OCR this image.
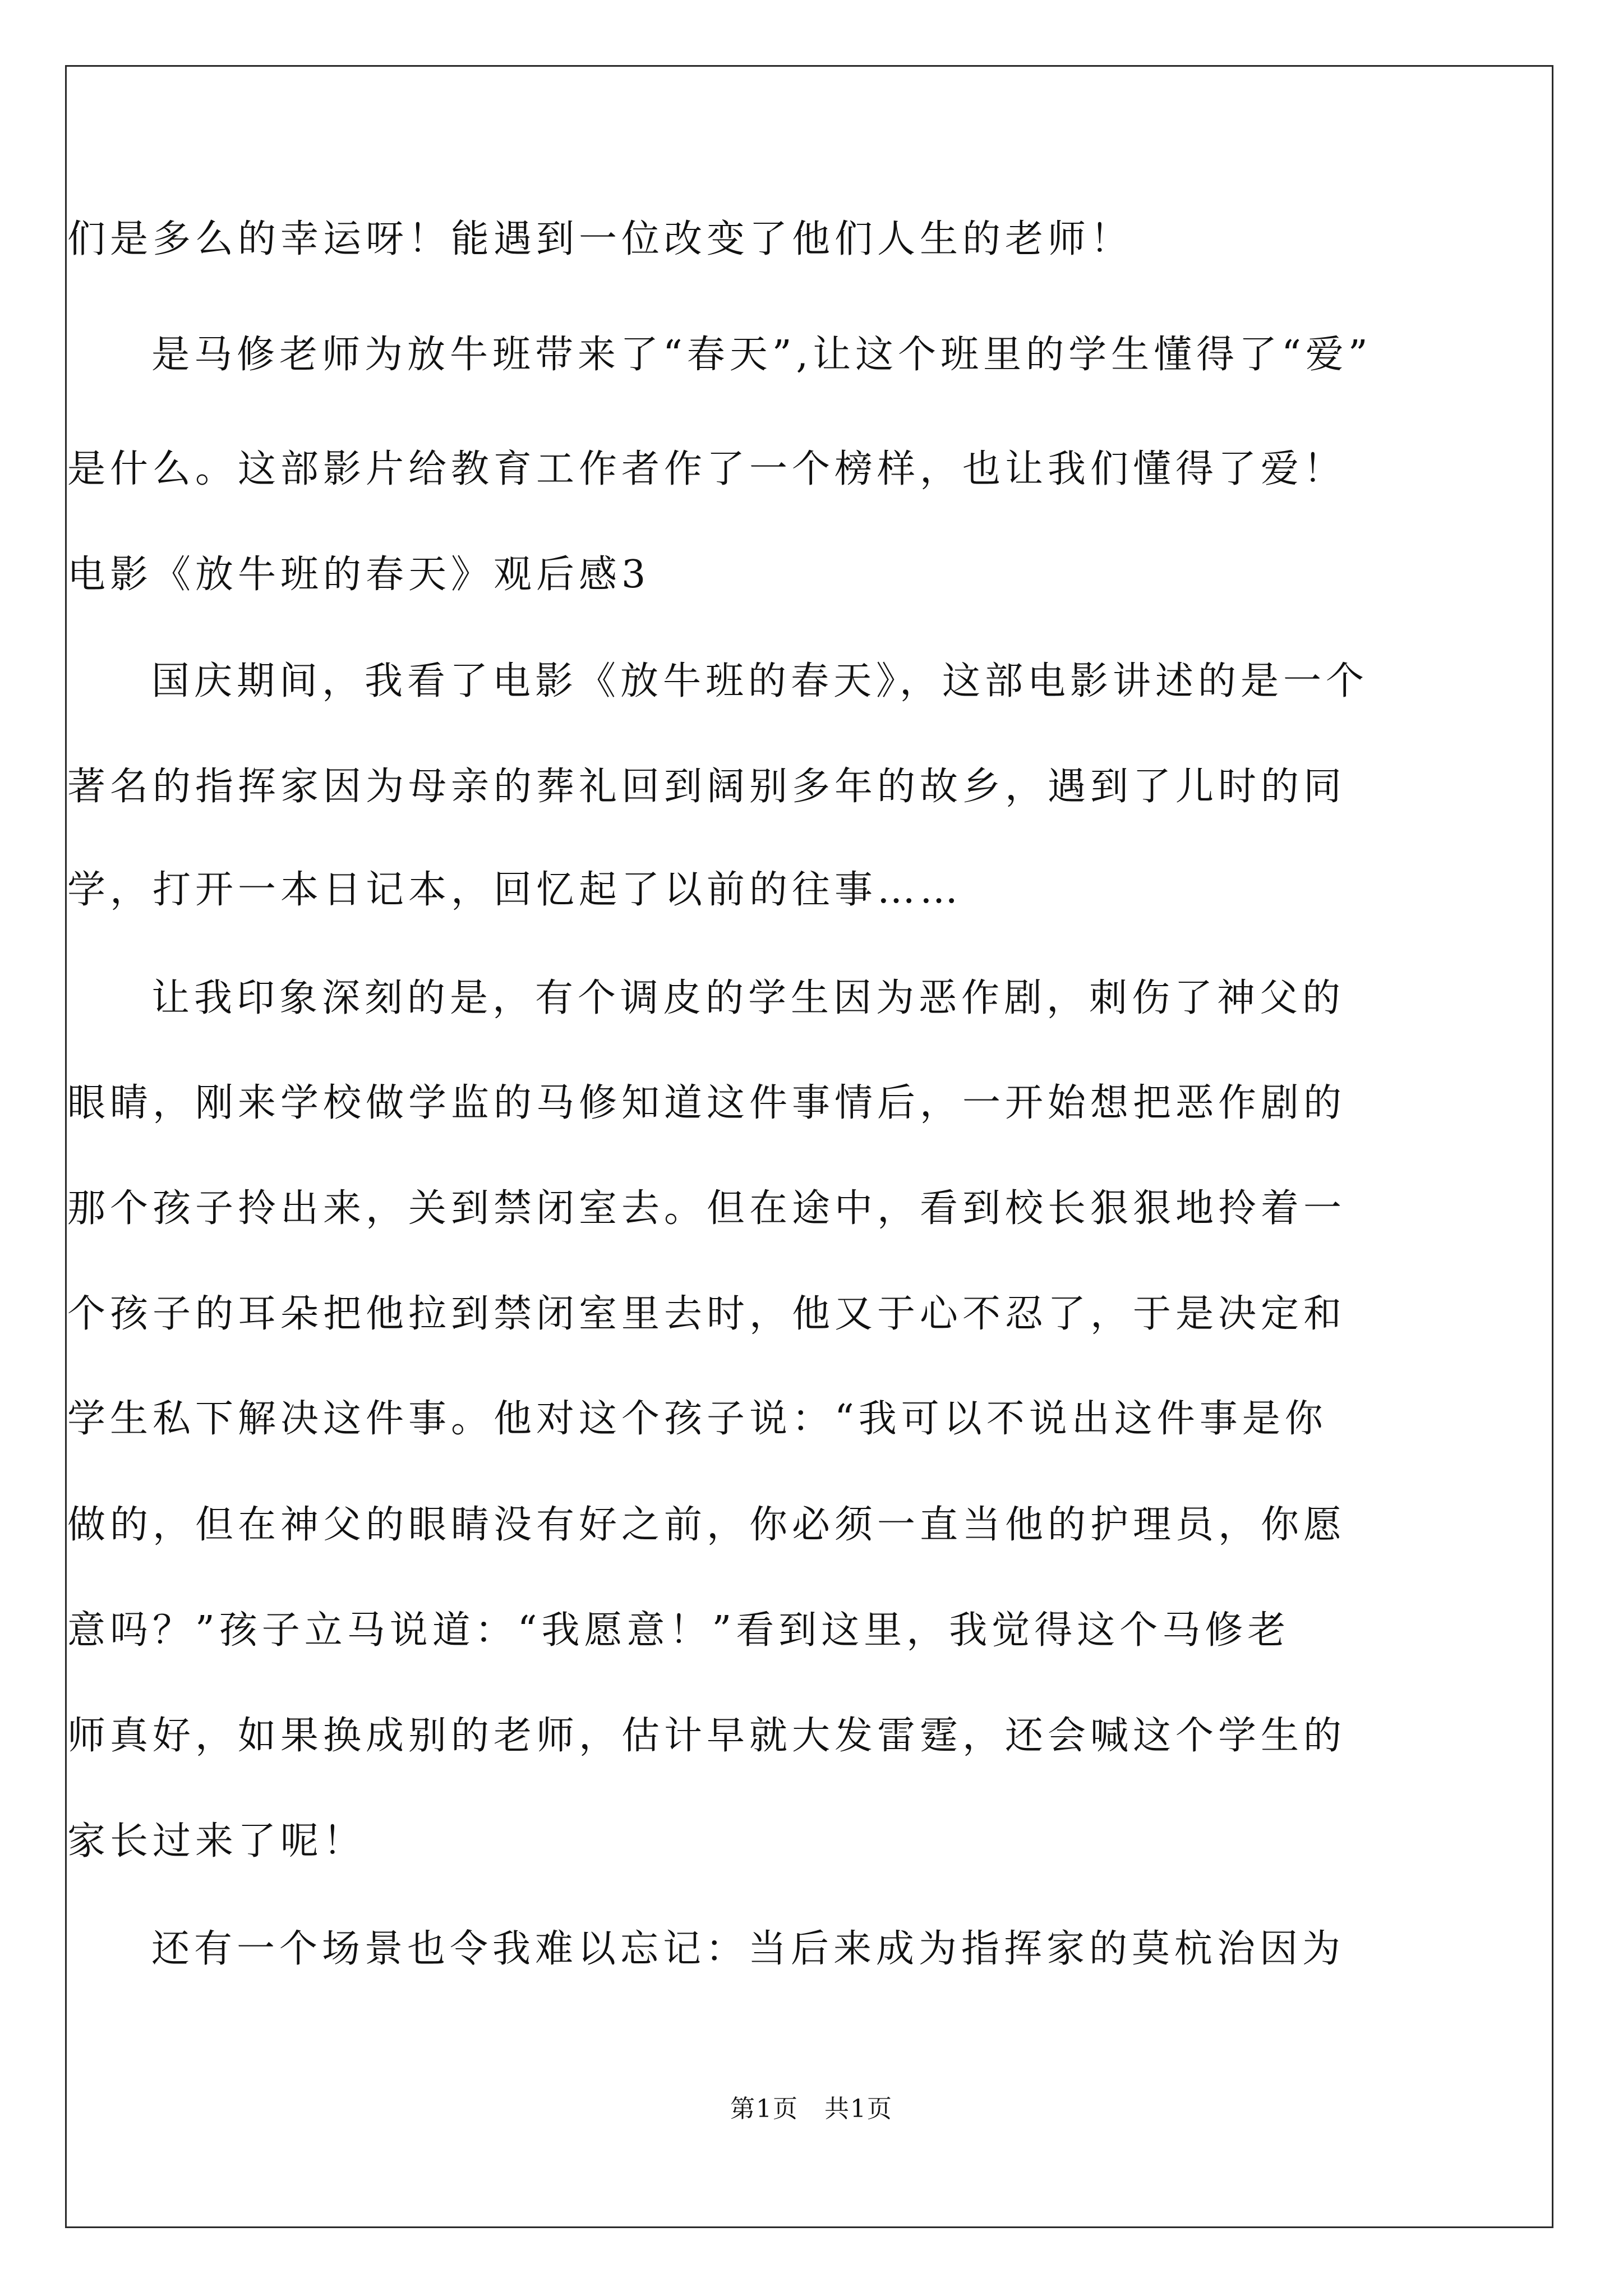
们是多么的幸运呀！能遇到一位改变了他们人生的老师！
是马修老师为放牛班带来了“春天”,让这个班里的学生懂得了“爱”
是什么。这部影片给教育工作者作了一个榜样，也让我们懂得了爱！
电影《放牛班的春天》观后感3
国庆期间，我看了电影《放牛班的春天》，这部电影讲述的是一个
著名的指挥家因为母亲的葬礼回到阔别多年的故乡，遇到了儿时的同
学，打开一本日记本，回忆起了以前的往事……
让我印象深刻的是，有个调皮的学生因为恶作剧，刺伤了神父的
眼睛，刚来学校做学监的马修知道这件事情后，一开始想把恶作剧的
那个孩子拎出来，关到禁闭室去。但在途中，看到校长狠狠地拎着一
个孩子的耳朵把他拉到禁闭室里去时，他又于心不忍了，于是决定和
学生私下解决这件事。他对这个孩子说：“我可以不说出这件事是你
做的，但在神父的眼睛没有好之前，你必须一直当他的护理员，你愿
意吗？”孩子立马说道：“我愿意！”看到这里，我觉得这个马修老
师真好，如果换成别的老师，估计早就大发雷霆，还会喊这个学生的
家长过来了呢！
还有一个场景也令我难以忘记：当后来成为指挥家的莫杭治因为
第1页　共1页
